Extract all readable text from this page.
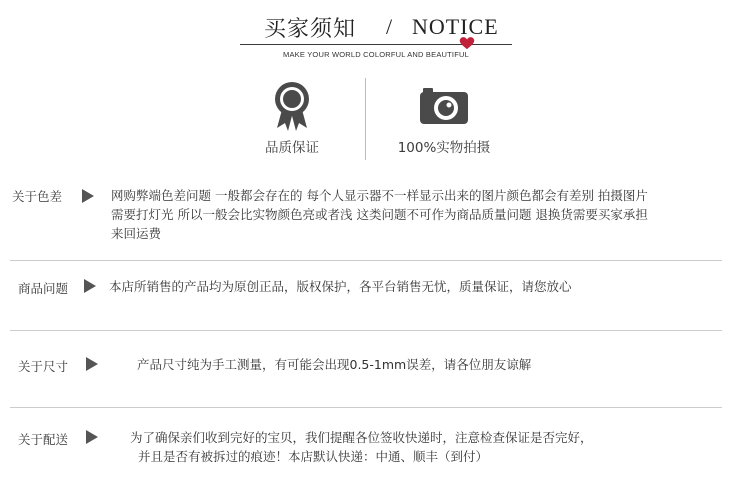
买家须知 / NOTICE
MAKE YOUR WORLD COLORFUL AND BEAUTIFUL
品质保证	100%实物拍摄
关于色差	网购弊端色差问题 一般都会存在的 每个人显示器不一样显示出来的图片颜色都会有差别 拍摄图片
需要打灯光 所以一般会比实物颜色亮或者浅 这类问题不可作为商品质量问题 退换货需要买家承担
来回运费
商品问题	本店所销售的产品均为原创正品，版权保护，各平台销售无忧，质量保证，请您放心
关于尺寸	产品尺寸纯为手工测量，有可能会出现0.5-1mm误差，请各位朋友谅解
关于配送	为了确保亲们收到完好的宝贝，我们提醒各位签收快递时，注意检查保证是否完好，
并且是否有被拆过的痕迹！本店默认快递：中通、顺丰（到付）
